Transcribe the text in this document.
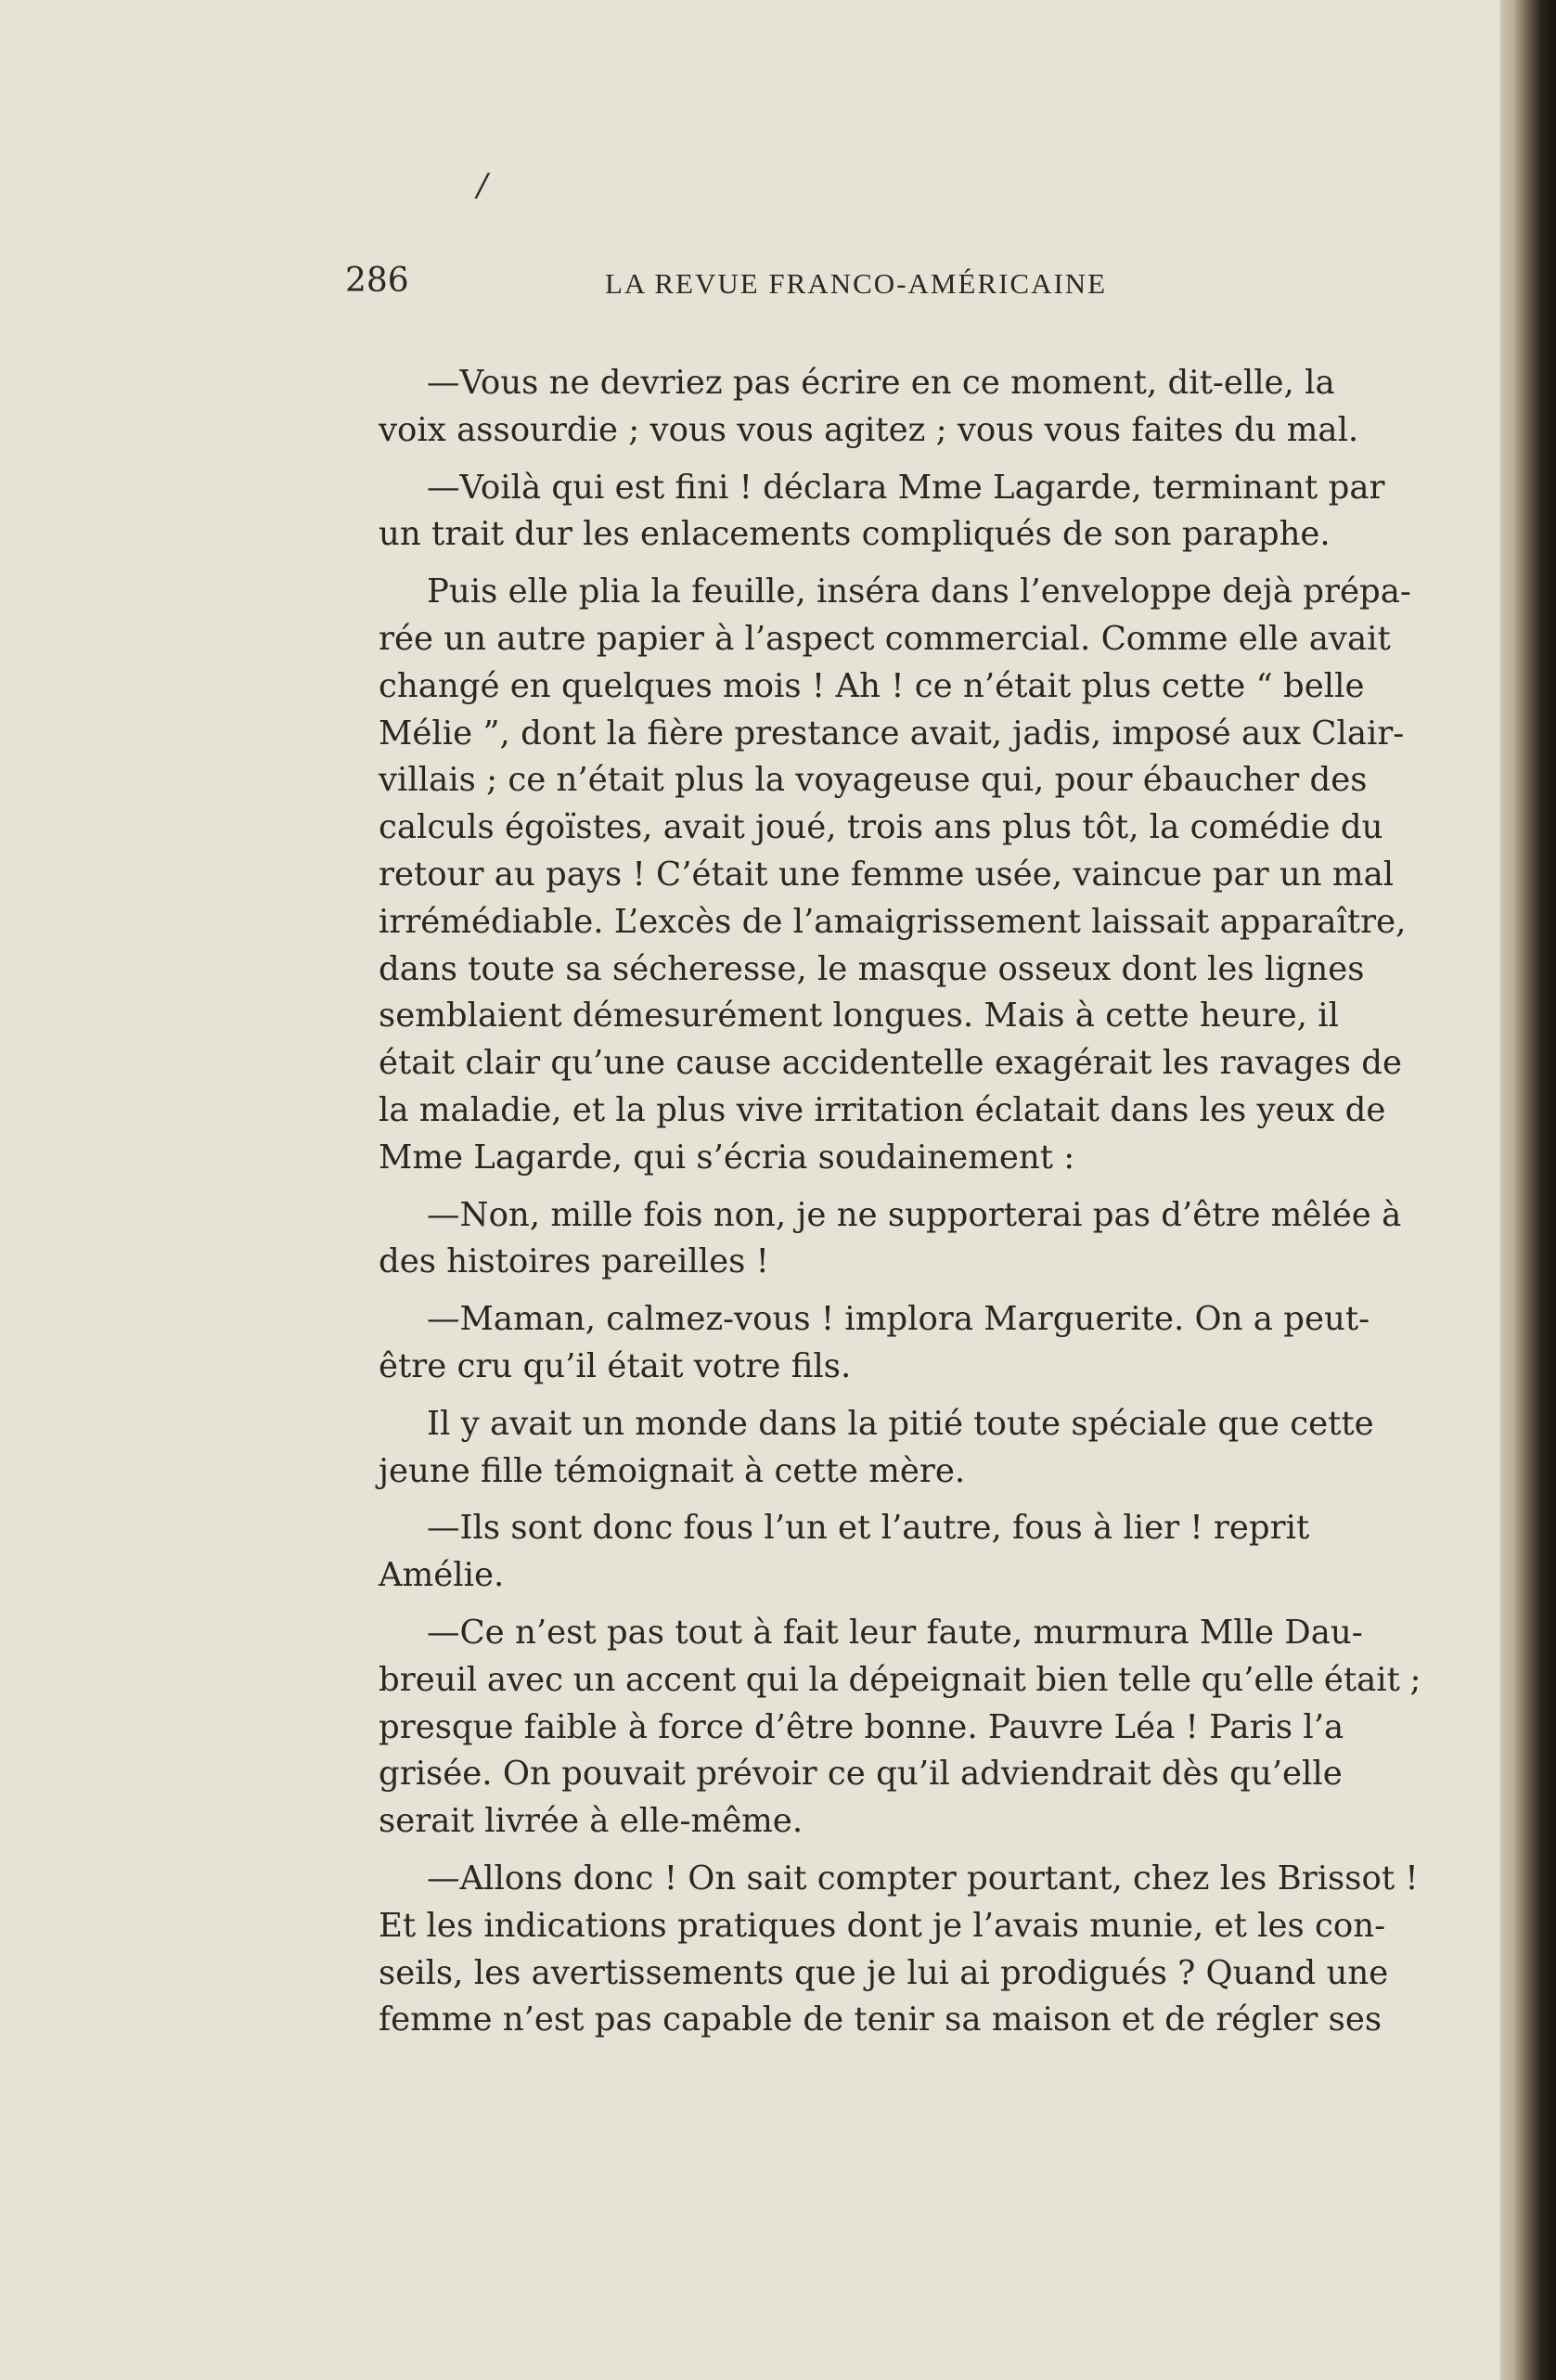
/
286	LA REVUE FRANCO-AMÉRICAINE

—Vous ne devriez pas écrire en ce moment, dit-elle, la
voix assourdie ; vous vous agitez ; vous vous faites du mal.

—Voilà qui est fini ! déclara Mme Lagarde, terminant par
un trait dur les enlacements compliqués de son paraphe.

Puis elle plia la feuille, inséra dans l’enveloppe dejà prépa-
rée un autre papier à l’aspect commercial. Comme elle avait
changé en quelques mois ! Ah ! ce n’était plus cette “ belle
Mélie ”, dont la fière prestance avait, jadis, imposé aux Clair-
villais ; ce n’était plus la voyageuse qui, pour ébaucher des
calculs égoïstes, avait joué, trois ans plus tôt, la comédie du
retour au pays ! C’était une femme usée, vaincue par un mal
irrémédiable. L’excès de l’amaigrissement laissait apparaître,
dans toute sa sécheresse, le masque osseux dont les lignes
semblaient démesurément longues. Mais à cette heure, il
était clair qu’une cause accidentelle exagérait les ravages de
la maladie, et la plus vive irritation éclatait dans les yeux de
Mme Lagarde, qui s’écria soudainement :

—Non, mille fois non, je ne supporterai pas d’être mêlée à
des histoires pareilles !

—Maman, calmez-vous ! implora Marguerite. On a peut-
être cru qu’il était votre fils.

Il y avait un monde dans la pitié toute spéciale que cette
jeune fille témoignait à cette mère.

—Ils sont donc fous l’un et l’autre, fous à lier ! reprit
Amélie.

—Ce n’est pas tout à fait leur faute, murmura Mlle Dau-
breuil avec un accent qui la dépeignait bien telle qu’elle était ;
presque faible à force d’être bonne. Pauvre Léa ! Paris l’a
grisée. On pouvait prévoir ce qu’il adviendrait dès qu’elle
serait livrée à elle-même.

—Allons donc ! On sait compter pourtant, chez les Brissot !
Et les indications pratiques dont je l’avais munie, et les con-
seils, les avertissements que je lui ai prodigués ? Quand une
femme n’est pas capable de tenir sa maison et de régler ses
